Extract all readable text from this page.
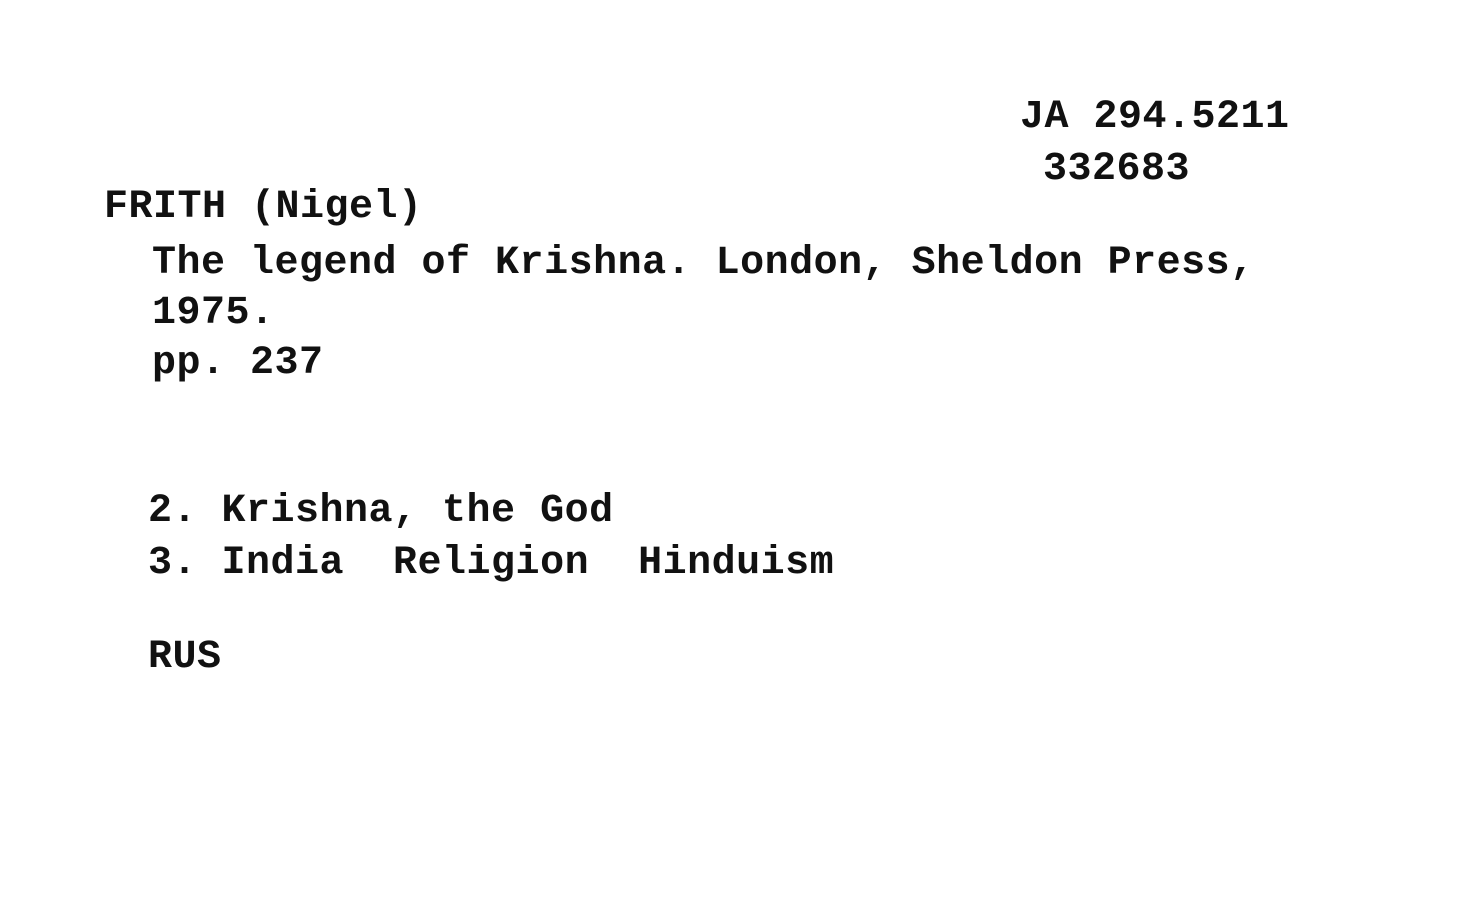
JA 294.5211
332683
FRITH (Nigel)
The legend of Krishna. London, Sheldon Press,
1975.
pp. 237
2. Krishna, the God
3. India  Religion  Hinduism
RUS
